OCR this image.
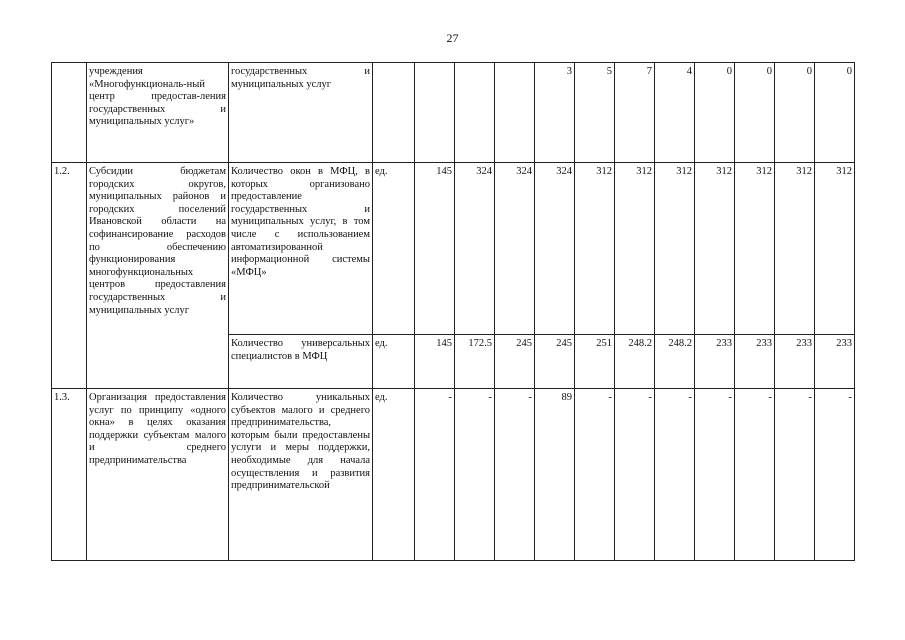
27
	учреждения «Многофункциональ-ный центр предостав-ления государственных и муниципальных услуг»	государственных и муниципальных услуг					3	5	7	4	0	0	0	0
1.2.	Субсидии бюджетам городских округов, муниципальных районов и городских поселений Ивановской области на софинансирование расходов по обеспечению функционирования многофункциональных центров предоставления государственных и муниципальных услуг	Количество окон в МФЦ, в которых организовано предоставление государственных и муниципальных услуг, в том числе с использованием автоматизированной информационной системы «МФЦ»	ед.	145	324	324	324	312	312	312	312	312	312	312
		Количество универсальных специалистов в МФЦ	ед.	145	172.5	245	245	251	248.2	248.2	233	233	233	233
1.3.	Организация предоставления услуг по принципу «одного окна» в целях оказания поддержки субъектам малого и среднего предпринимательства	Количество уникальных субъектов малого и среднего предпринимательства, которым были предоставлены услуги и меры поддержки, необходимые для начала осуществления и развития предпринимательской	ед.	-	-	-	89	-	-	-	-	-	-	-
